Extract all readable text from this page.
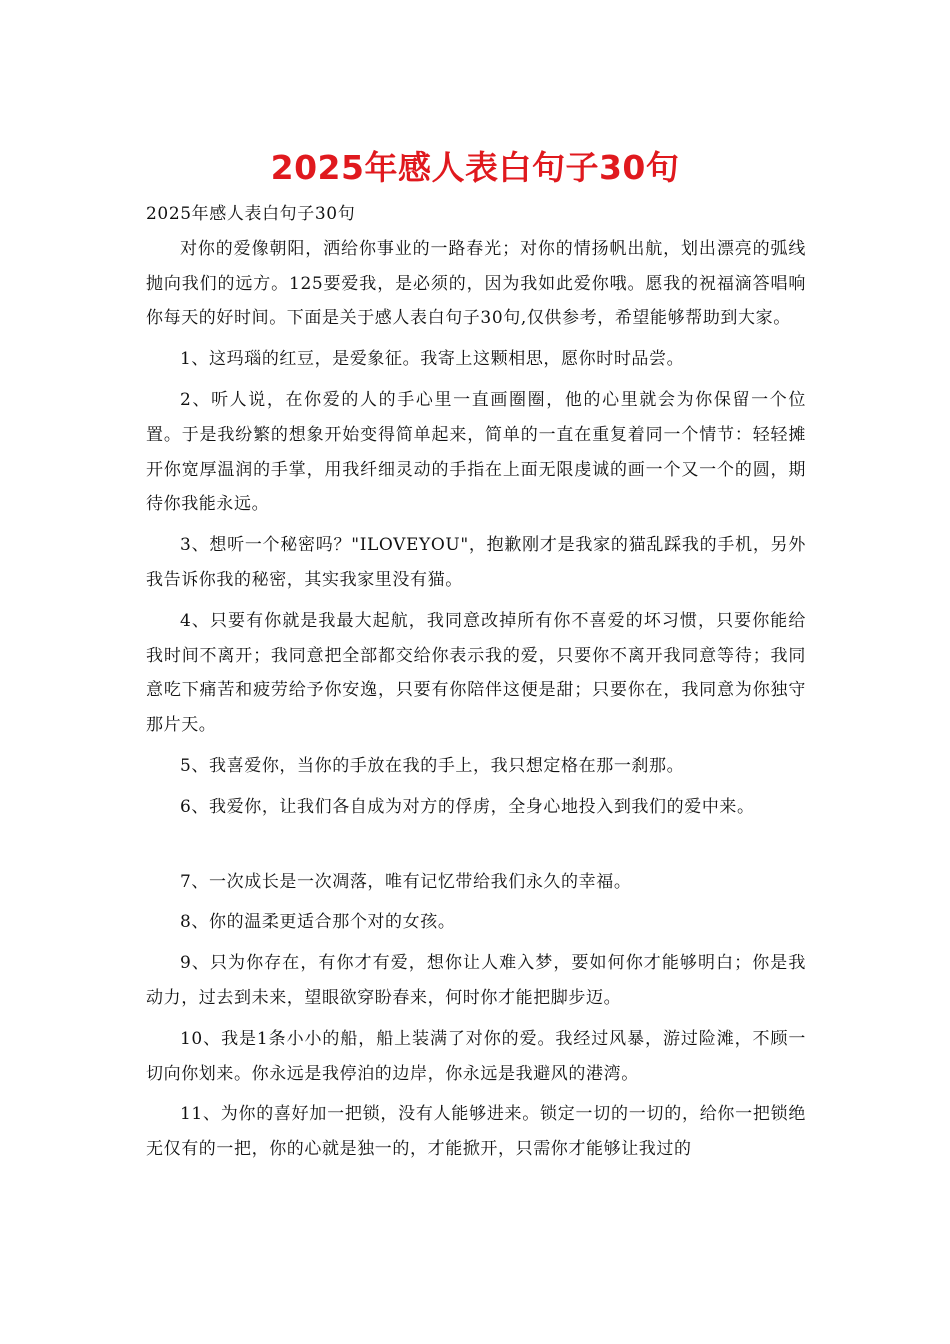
2025年感人表白句子30句

2025年感人表白句子30句

对你的爱像朝阳，洒给你事业的一路春光；对你的情扬帆出航，划出漂亮的弧线抛向我们的远方。125要爱我，是必须的，因为我如此爱你哦。愿我的祝福滴答唱响你每天的好时间。下面是关于感人表白句子30句,仅供参考，希望能够帮助到大家。

1、这玛瑙的红豆，是爱象征。我寄上这颗相思，愿你时时品尝。

2、听人说，在你爱的人的手心里一直画圈圈，他的心里就会为你保留一个位置。于是我纷繁的想象开始变得简单起来，简单的一直在重复着同一个情节：轻轻摊开你宽厚温润的手掌，用我纤细灵动的手指在上面无限虔诚的画一个又一个的圆，期待你我能永远。

3、想听一个秘密吗？"ILOVEYOU"，抱歉刚才是我家的猫乱踩我的手机，另外我告诉你我的秘密，其实我家里没有猫。

4、只要有你就是我最大起航，我同意改掉所有你不喜爱的坏习惯，只要你能给我时间不离开；我同意把全部都交给你表示我的爱，只要你不离开我同意等待；我同意吃下痛苦和疲劳给予你安逸，只要有你陪伴这便是甜；只要你在，我同意为你独守那片天。

5、我喜爱你，当你的手放在我的手上，我只想定格在那一刹那。

6、我爱你，让我们各自成为对方的俘虏，全身心地投入到我们的爱中来。

7、一次成长是一次凋落，唯有记忆带给我们永久的幸福。

8、你的温柔更适合那个对的女孩。

9、只为你存在，有你才有爱，想你让人难入梦，要如何你才能够明白；你是我动力，过去到未来，望眼欲穿盼春来，何时你才能把脚步迈。

10、我是1条小小的船，船上装满了对你的爱。我经过风暴，游过险滩，不顾一切向你划来。你永远是我停泊的边岸，你永远是我避风的港湾。

11、为你的喜好加一把锁，没有人能够进来。锁定一切的一切的，给你一把锁绝无仅有的一把，你的心就是独一的，才能掀开，只需你才能够让我过的
